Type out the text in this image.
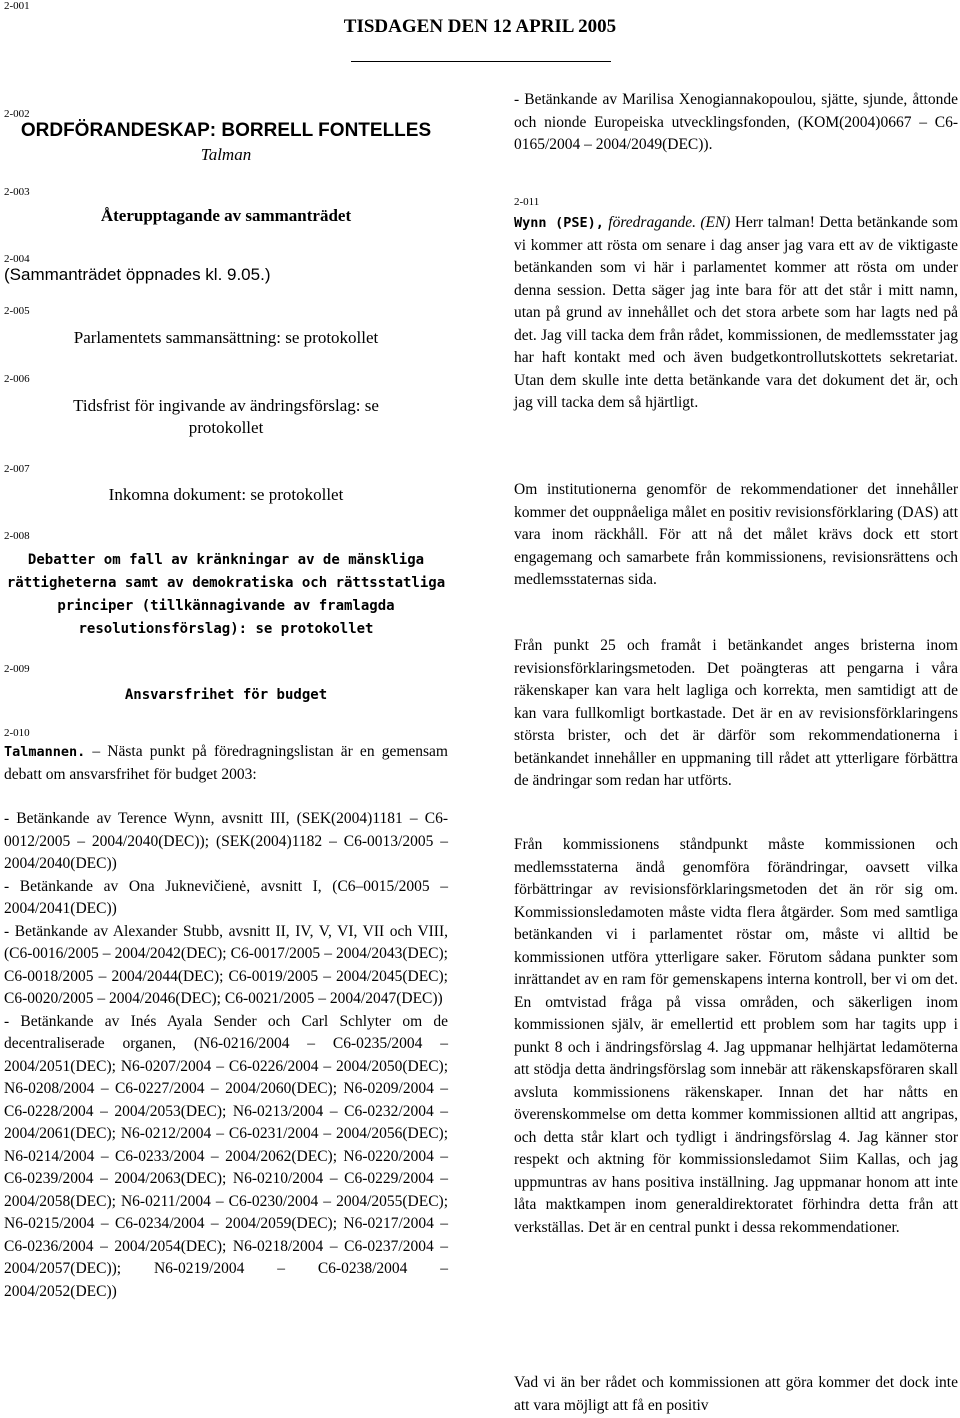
2-001
TISDAGEN DEN 12 APRIL 2005
2-002
ORDFÖRANDESKAP: BORRELL FONTELLES
Talman
2-003
Återupptagande av sammanträdet
2-004
(Sammanträdet öppnades kl. 9.05.)
2-005
Parlamentets sammansättning: se protokollet
2-006
Tidsfrist för ingivande av ändringsförslag: se
protokollet
2-007
Inkomna dokument: se protokollet
2-008
Debatter om fall av kränkningar av de mänskliga
rättigheterna samt av demokratiska och rättsstatliga
principer (tillkännagivande av framlagda
resolutionsförslag): se protokollet
2-009
Ansvarsfrihet för budget
2-010
Talmannen. – Nästa punkt på föredragningslistan är en gemensam debatt om ansvarsfrihet för budget 2003:
- Betänkande av Terence Wynn, avsnitt III, (SEK(2004)1181 – C6-0012/2005 – 2004/2040(DEC)); (SEK(2004)1182 – C6-0013/2005 – 2004/2040(DEC))
- Betänkande av Ona Juknevičienė, avsnitt I, (C6–0015/2005 – 2004/2041(DEC))
- Betänkande av Alexander Stubb, avsnitt II, IV, V, VI, VII och VIII, (C6-0016/2005 – 2004/2042(DEC); C6-0017/2005 – 2004/2043(DEC); C6-0018/2005 – 2004/2044(DEC); C6-0019/2005 – 2004/2045(DEC); C6-0020/2005 – 2004/2046(DEC); C6-0021/2005 – 2004/2047(DEC))
- Betänkande av Inés Ayala Sender och Carl Schlyter om de decentraliserade organen, (N6-0216/2004 – C6-0235/2004 – 2004/2051(DEC); N6-0207/2004 – C6-0226/2004 – 2004/2050(DEC); N6-0208/2004 – C6-0227/2004 – 2004/2060(DEC); N6-0209/2004 – C6-0228/2004 – 2004/2053(DEC); N6-0213/2004 – C6-0232/2004 – 2004/2061(DEC); N6-0212/2004 – C6-0231/2004 – 2004/2056(DEC); N6-0214/2004 – C6-0233/2004 – 2004/2062(DEC); N6-0220/2004 – C6-0239/2004 – 2004/2063(DEC); N6-0210/2004 – C6-0229/2004 – 2004/2058(DEC); N6-0211/2004 – C6-0230/2004 – 2004/2055(DEC); N6-0215/2004 – C6-0234/2004 – 2004/2059(DEC); N6-0217/2004 – C6-0236/2004 – 2004/2054(DEC); N6-0218/2004 – C6-0237/2004 – 2004/2057(DEC)); N6-0219/2004 – C6-0238/2004 – 2004/2052(DEC))
- Betänkande av Marilisa Xenogiannakopoulou, sjätte, sjunde, åttonde och nionde Europeiska utvecklingsfonden, (KOM(2004)0667 – C6-0165/2004 – 2004/2049(DEC)).
2-011
Wynn (PSE), föredragande. (EN) Herr talman! Detta betänkande som vi kommer att rösta om senare i dag anser jag vara ett av de viktigaste betänkanden som vi här i parlamentet kommer att rösta om under denna session. Detta säger jag inte bara för att det står i mitt namn, utan på grund av innehållet och det stora arbete som har lagts ned på det. Jag vill tacka dem från rådet, kommissionen, de medlemsstater jag har haft kontakt med och även budgetkontrollutskottets sekretariat. Utan dem skulle inte detta betänkande vara det dokument det är, och jag vill tacka dem så hjärtligt.
Om institutionerna genomför de rekommendationer det innehåller kommer det ouppnåeliga målet en positiv revisionsförklaring (DAS) att vara inom räckhåll. För att nå det målet krävs dock ett stort engagemang och samarbete från kommissionens, revisionsrättens och medlemsstaternas sida.
Från punkt 25 och framåt i betänkandet anges bristerna inom revisionsförklaringsmetoden. Det poängteras att pengarna i våra räkenskaper kan vara helt lagliga och korrekta, men samtidigt att de kan vara fullkomligt bortkastade. Det är en av revisionsförklaringens största brister, och det är därför som rekommendationerna i betänkandet innehåller en uppmaning till rådet att ytterligare förbättra de ändringar som redan har utförts.
Från kommissionens ståndpunkt måste kommissionen och medlemsstaterna ändå genomföra förändringar, oavsett vilka förbättringar av revisionsförklaringsmetoden det än rör sig om. Kommissionsledamoten måste vidta flera åtgärder. Som med samtliga betänkanden vi i parlamentet röstar om, måste vi alltid be kommissionen utföra ytterligare saker. Förutom sådana punkter som inrättandet av en ram för gemenskapens interna kontroll, ber vi om det. En omtvistad fråga på vissa områden, och säkerligen inom kommissionen själv, är emellertid ett problem som har tagits upp i punkt 8 och i ändringsförslag 4. Jag uppmanar helhjärtat ledamöterna att stödja detta ändringsförslag som innebär att räkenskapsföraren skall avsluta kommissionens räkenskaper. Innan det har nåtts en överenskommelse om detta kommer kommissionen alltid att angripas, och detta står klart och tydligt i ändringsförslag 4. Jag känner stor respekt och aktning för kommissionsledamot Siim Kallas, och jag uppmuntras av hans positiva inställning. Jag uppmanar honom att inte låta maktkampen inom generaldirektoratet förhindra detta från att verkställas. Det är en central punkt i dessa rekommendationer.
Vad vi än ber rådet och kommissionen att göra kommer det dock inte att vara möjligt att få en positiv
